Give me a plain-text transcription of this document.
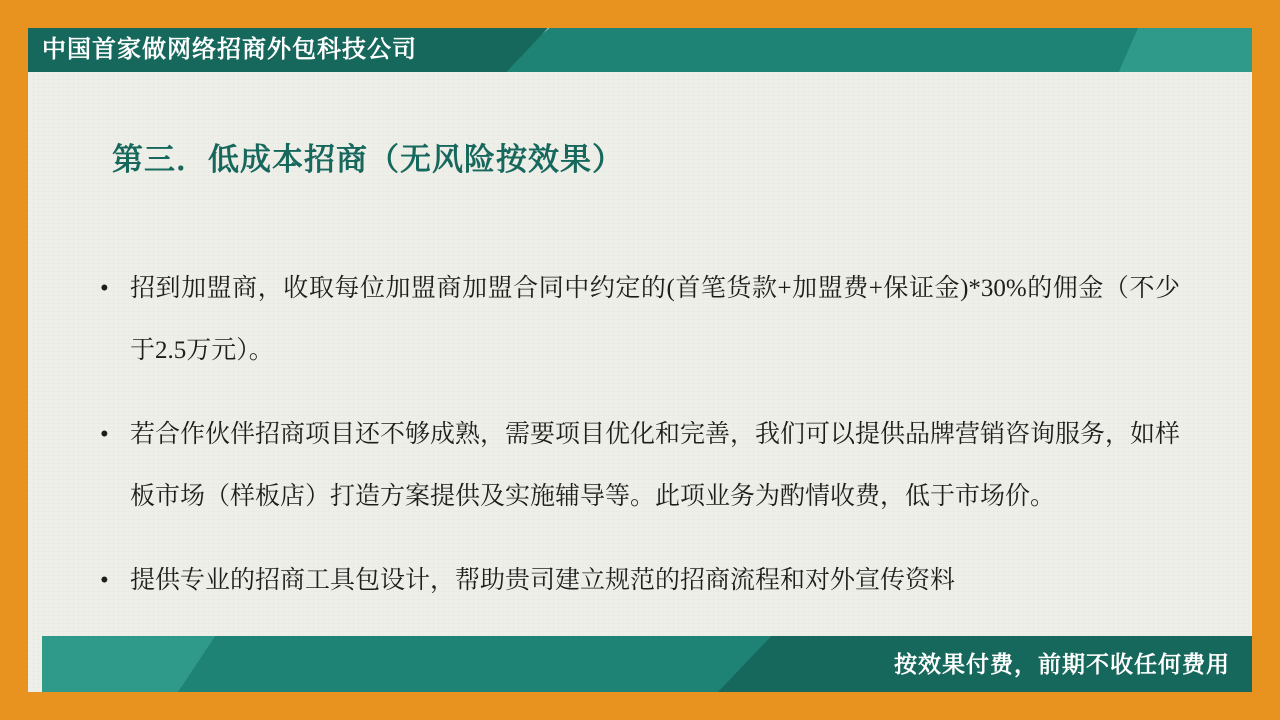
中国首家做网络招商外包科技公司
第三．低成本招商（无风险按效果）
• 招到加盟商，收取每位加盟商加盟合同中约定的(首笔货款+加盟费+保证金)*30%的佣金（不少于2.5万元）。
• 若合作伙伴招商项目还不够成熟，需要项目优化和完善，我们可以提供品牌营销咨询服务，如样板市场（样板店）打造方案提供及实施辅导等。此项业务为酌情收费，低于市场价。
• 提供专业的招商工具包设计，帮助贵司建立规范的招商流程和对外宣传资料
按效果付费，前期不收任何费用
